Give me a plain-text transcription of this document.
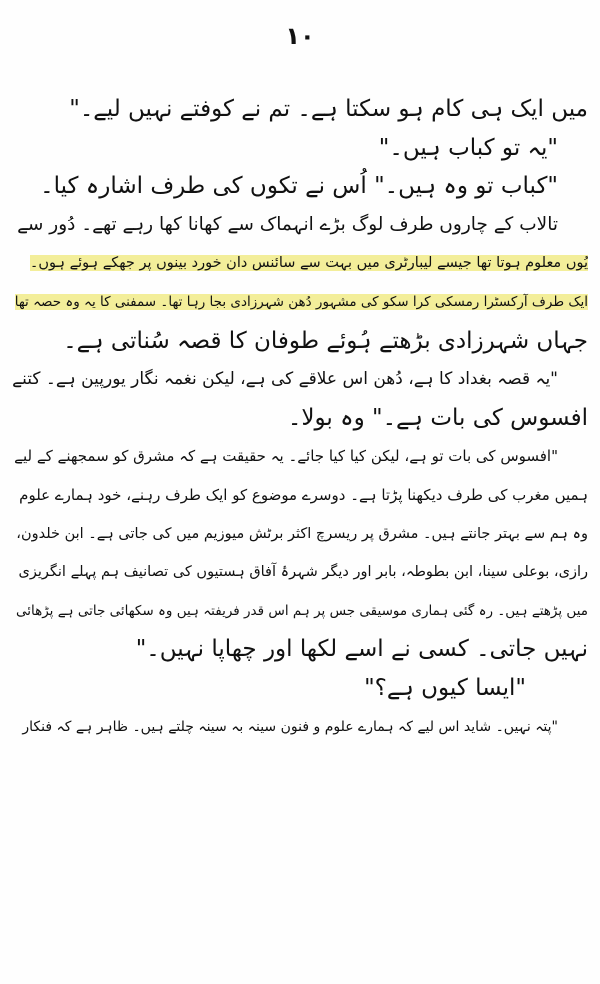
۱۰
میں ایک ہی کام ہو سکتا ہے۔ تم نے کوفتے نہیں لیے۔"
"یہ تو کباب ہیں۔"
"کباب تو وہ ہیں۔" اُس نے تکوں کی طرف اشارہ کیا۔
تالاب کے چاروں طرف لوگ بڑے انہماک سے کھانا کھا رہے تھے۔ دُور سے
یُوں معلوم ہوتا تھا جیسے لیبارٹری میں بہت سے سائنس دان خورد بینوں پر جھکے ہوئے ہوں۔
ایک طرف آرکسٹرا رمسکی کرا سکو کی مشہور دُھن شہرزادی بجا رہا تھا۔ سمفنی کا یہ وہ حصہ تھا
جہاں شہرزادی بڑھتے ہُوئے طوفان کا قصہ سُناتی ہے۔
"یہ قصہ بغداد کا ہے، دُھن اس علاقے کی ہے، لیکن نغمہ نگار یورپین ہے۔ کتنے
افسوس کی بات ہے۔" وہ بولا۔
"افسوس کی بات تو ہے، لیکن کیا کیا جائے۔ یہ حقیقت ہے کہ مشرق کو سمجھنے کے لیے
ہمیں مغرب کی طرف دیکھنا پڑتا ہے۔ دوسرے موضوع کو ایک طرف رہنے، خود ہمارے علوم
وہ ہم سے بہتر جانتے ہیں۔ مشرق پر ریسرچ اکثر برٹش میوزیم میں کی جاتی ہے۔ ابن خلدون،
رازی، بوعلی سینا، ابن بطوطہ، بابر اور دیگر شہرۂ آفاق ہستیوں کی تصانیف ہم پہلے انگریزی
میں پڑھتے ہیں۔ رہ گئی ہماری موسیقی جس پر ہم اس قدر فریفتہ ہیں وہ سکھائی جاتی ہے پڑھائی
نہیں جاتی۔ کسی نے اسے لکھا اور چھاپا نہیں۔"
"ایسا کیوں ہے؟"
"پتہ نہیں۔ شاید اس لیے کہ ہمارے علوم و فنون سینہ بہ سینہ چلتے ہیں۔ ظاہر ہے کہ فنکار
